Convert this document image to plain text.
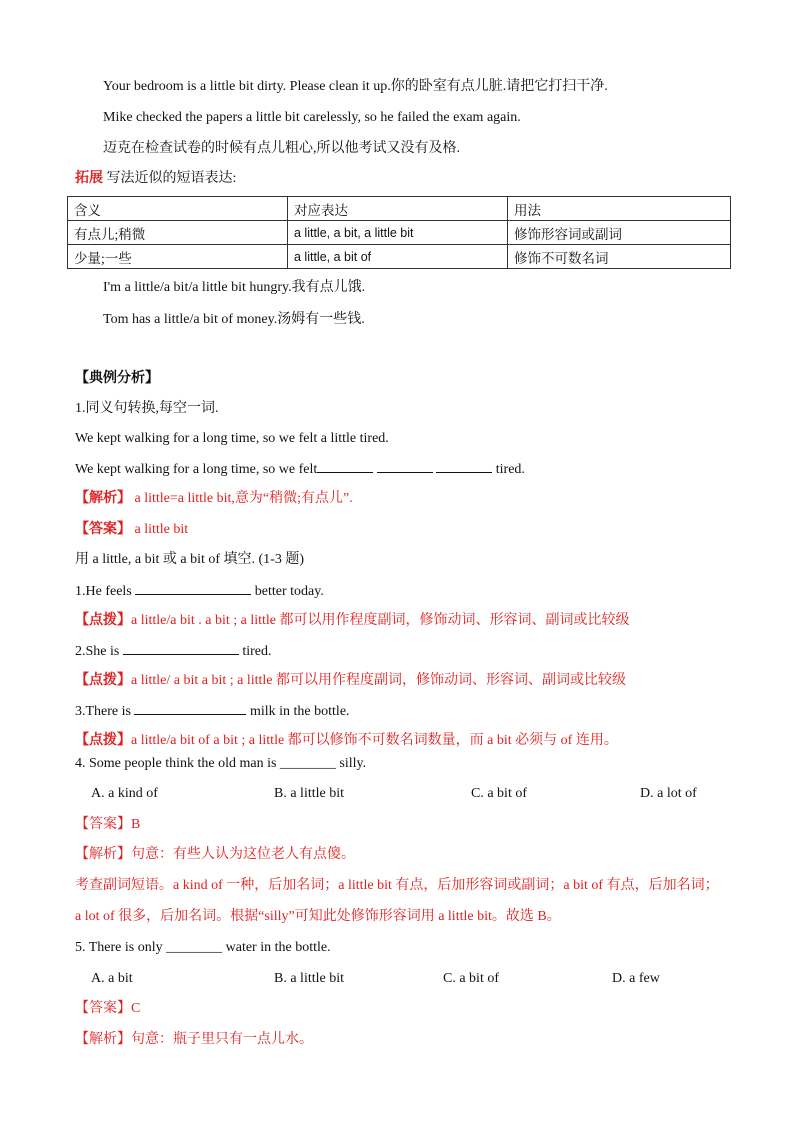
Your bedroom is a little bit dirty. Please clean it up.你的卧室有点儿脏.请把它打扫干净.
Mike checked the papers a little bit carelessly, so he failed the exam again.
迈克在检查试卷的时候有点儿粗心,所以他考试又没有及格.
拓展 写法近似的短语表达:
含义	对应表达	用法
有点儿;稍微	a little, a bit, a little bit	修饰形容词或副词
少量;一些	a little, a bit of	修饰不可数名词
I'm a little/a bit/a little bit hungry.我有点儿饿.
Tom has a little/a bit of money.汤姆有一些钱.
【典例分析】
1.同义句转换,每空一词.
We kept walking for a long time, so we felt a little tired.
We kept walking for a long time, so we felt	tired.
【解析】 a little=a little bit,意为“稍微;有点儿”.
【答案】 a little bit
用 a little, a bit 或 a bit of 填空. (1-3 题)
1.He feels	better today.
【点拨】a little/a bit . a bit ; a little 都可以用作程度副词，修饰动词、形容词、副词或比较级
2.She is	tired.
【点拨】a little/ a bit a bit ; a little 都可以用作程度副词，修饰动词、形容词、副词或比较级
3.There is	milk in the bottle.
【点拨】a little/a bit of a bit ; a little 都可以修饰不可数名词数量，而 a bit 必须与 of 连用。
4. Some people think the old man is ________ silly.
A. a kind of	B. a little bit	C. a bit of	D. a lot of
【答案】B
【解析】句意：有些人认为这位老人有点傻。
考查副词短语。a kind of 一种，后加名词；a little bit 有点，后加形容词或副词；a bit of 有点，后加名词；
a lot of 很多，后加名词。根据“silly”可知此处修饰形容词用 a little bit。故选 B。
5. There is only ________ water in the bottle.
A. a bit	B. a little bit	C. a bit of	D. a few
【答案】C
【解析】句意：瓶子里只有一点儿水。
